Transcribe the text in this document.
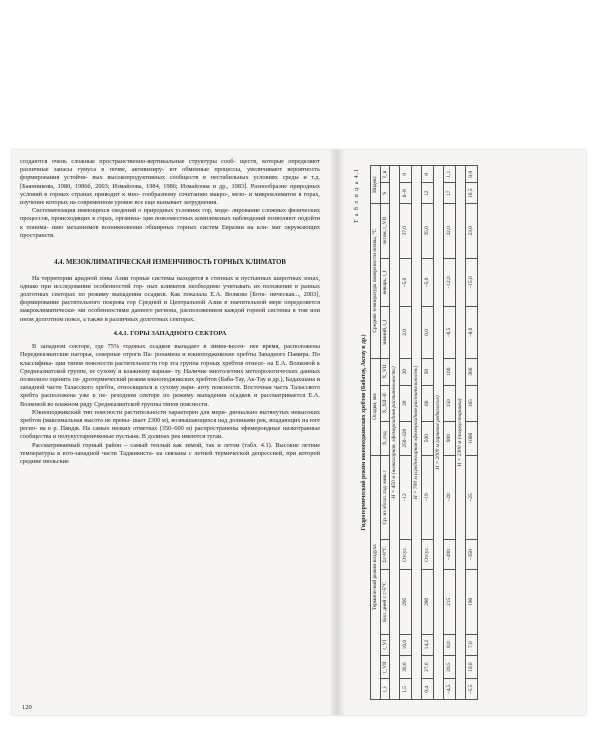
создаются очень сложные пространственно-вертикальные структуры сооб- ществ, которые определяют различные запасы гумуса в почве, активизиру- ют обменные процессы, увеличивают вероятность формирования устойчи- вых высокопродуктивных сообществ в нестабильных условиях среды и т.д. [Баянникова, 1980, 1986б, 2003; Измайлова, 1984, 1986; Измайлова и др., 1983]. Разнообразие природных условий в горных странах приводит к мно- гообразному сочетанию макро-, мезо- и микроклиматов в горах, изучение которых на современном уровне все еще вызывает затруднения.

Систематизация имеющихся сведений о природных условиях гор, моде- лирование сложных физических процессов, происходящих в горах, организа- ция повсеместных комплексных наблюдений позволяют подойти к понима- нию механизмов возникновения обширных горных систем Евразии на кли- мат окружающих пространств.

4.4. МЕЗОКЛИМАТИЧЕСКАЯ ИЗМЕНЧИВОСТЬ ГОРНЫХ КЛИМАТОВ

На территории аридной зоны Азии горные системы находятся в степных и пустынных широтных зонах, однако при исследовании особенностей гор- ных климатов необходимо учитывать их положение в разных долготных секторах по режиму выпадения осадков. Как показала Е.А. Волкова [Бота- ническая..., 2003], формирование растительного покрова гор Средней и Центральной Азии в значительной мере определяется макроклиматически- ми особенностями данного региона, расположением каждой горной системы в том или ином долготном поясе, а также в различных долготных секторах.

4.4.1. ГОРЫ ЗАПАДНОГО СЕКТОРА

В западном секторе, где 75% годовых осадков выпадает в зимне-весен- нее время, расположены Переднеазиатские нагорья, северные отроги Па- ропамиза и юкноподжикские хребты Западного Памира. По классифика- ции типов поясности растительности гор эта группа горных хребтов отнесе- на Е.А. Волковой к Среднеазиатской группе, ее сухому и влажному вариан- ту. Наличие многолетних метеорологических данных позволило оценить ги- дротермический режим юкноподжикских хребтов (Баба-Тау, Ак-Тау и др.), Бадахшана и западной части Таласского хребта, относящихся к сухому вари- анту поясности. Восточная часть Таласского хребта расположена уже в пе- реходном секторе по режиму выпадения осадков и рассматривается Е.А. Волковой во влажном ряду Среднеазиатской группы типов поясности.

Юкноподжикский тип поясности растительности характерен для мери- дионально вытянутых невысоких хребтов (максимальная высота не превы- шает 2300 м), возвышающихся над долинами рек, впадающих на юге регио- на в р. Пяндж. На самых низких отметках (350–600 м) распространены эфемероидные низкотравные сообщества и полукустарничковые пустыни. В долинах рек имеются тугаи.

Рассматриваемый горный район – самый теплый как зимой, так и летом (табл. 4.1). Высокие летние температуры в юго-западной части Таджикиста- на связаны с летней термической депрессией, при которой средние июльские

120
Т а б л и ц а 4.1
Гидротермический режим юкноподжикских хребтов (Бабатау, Актау и др.)
Термический режим воздуха						Осадки, мм			Средняя температура поверхности почвы, °С			Индекс	
t_i	t_VII	t_VI	Кол. дней с t>5°C	Σt>0°C	Ср. из абсол. год. мин. t	X_год	X_XII–II	X_VII	зимний, t_I	январь, t_I	летом, t_VII	S	I_n
H = 450 м (низкогорная, эфемероидная растительность)													
1,5	30,0	16,0	295	Отсут.	–12	250–320	20	20	2,0	–5,0	37,0	6–8	0
H = 700 м (среднегорная эфемероидная растительность)													
0,4	27,6	14,2	280	Отсут.	–19	500	60	50	0,0	–5,0	35,0	12	0
H = 2000 м (арчевое редколесье)													
–4,5	20,5	8,0	215	–200	–20	900	150	100	–6,5	–12,0	32,0	17	1,1
H = 2300 м (полукустарники)													
–5,5	19,0	7,0	190	–350	–25	1000	165	300	–8,0	–15,0	23,0	16,5	0,9
